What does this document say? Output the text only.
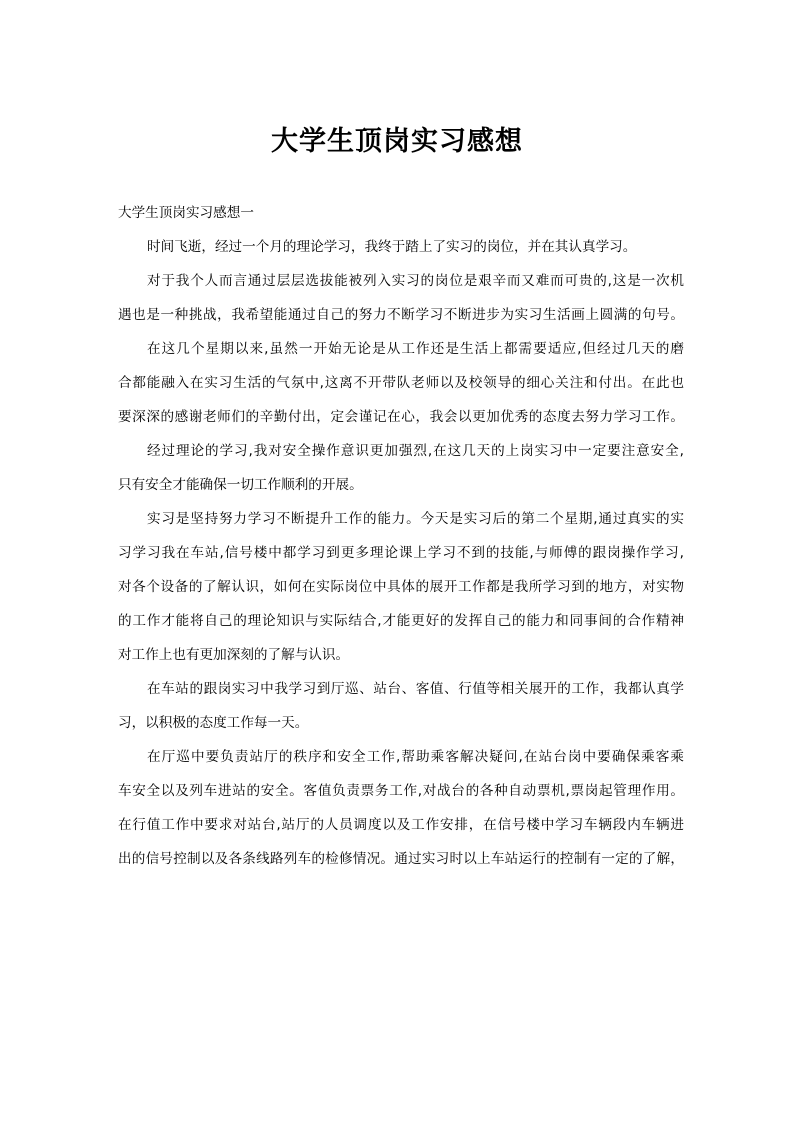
大学生顶岗实习感想
大学生顶岗实习感想一
时间飞逝，经过一个月的理论学习，我终于踏上了实习的岗位，并在其认真学习。
对于我个人而言通过层层选拔能被列入实习的岗位是艰辛而又难而可贵的,这是一次机
遇也是一种挑战，我希望能通过自己的努力不断学习不断进步为实习生活画上圆满的句号。
在这几个星期以来,虽然一开始无论是从工作还是生活上都需要适应,但经过几天的磨
合都能融入在实习生活的气氛中,这离不开带队老师以及校领导的细心关注和付出。在此也
要深深的感谢老师们的辛勤付出，定会谨记在心，我会以更加优秀的态度去努力学习工作。
经过理论的学习,我对安全操作意识更加强烈,在这几天的上岗实习中一定要注意安全,
只有安全才能确保一切工作顺利的开展。
实习是坚持努力学习不断提升工作的能力。今天是实习后的第二个星期,通过真实的实
习学习我在车站,信号楼中都学习到更多理论课上学习不到的技能,与师傅的跟岗操作学习,
对各个设备的了解认识，如何在实际岗位中具体的展开工作都是我所学习到的地方，对实物
的工作才能将自己的理论知识与实际结合,才能更好的发挥自己的能力和同事间的合作精神
对工作上也有更加深刻的了解与认识。
在车站的跟岗实习中我学习到厅巡、站台、客值、行值等相关展开的工作，我都认真学
习，以积极的态度工作每一天。
在厅巡中要负责站厅的秩序和安全工作,帮助乘客解决疑问,在站台岗中要确保乘客乘
车安全以及列车进站的安全。客值负责票务工作,对战台的各种自动票机,票岗起管理作用。
在行值工作中要求对站台,站厅的人员调度以及工作安排，在信号楼中学习车辆段内车辆进
出的信号控制以及各条线路列车的检修情况。通过实习时以上车站运行的控制有一定的了解，
